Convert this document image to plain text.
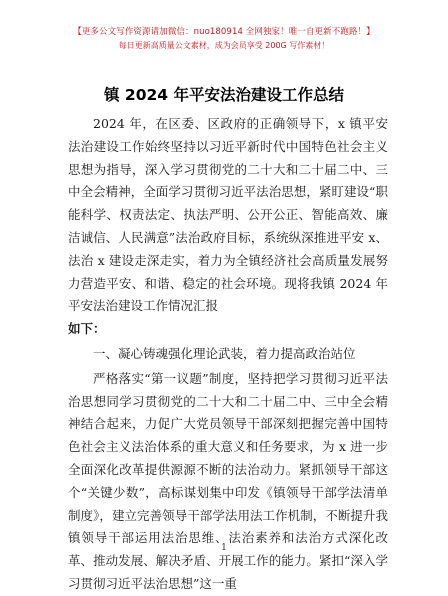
【更多公文写作资源请加微信：nuo180914 全网独家！唯一自更新不跑路！】
每日更新高质量公文素材，成为会员享受 200G 写作素材！
镇 2024 年平安法治建设工作总结

2024 年，在区委、区政府的正确领导下，x 镇平安法治建设工作始终坚持以习近平新时代中国特色社会主义思想为指导，深入学习贯彻党的二十大和二十届二中、三中全会精神，全面学习贯彻习近平法治思想，紧盯建设“职能科学、权责法定、执法严明、公开公正、智能高效、廉洁诚信、人民满意”法治政府目标，系统纵深推进平安 x、法治 x 建设走深走实，着力为全镇经济社会高质量发展努力营造平安、和谐、稳定的社会环境。现将我镇 2024 年平安法治建设工作情况汇报

如下：

一、凝心铸魂强化理论武装，着力提高政治站位

严格落实“第一议题”制度，坚持把学习贯彻习近平法治思想同学习贯彻党的二十大和二十届二中、三中全会精神结合起来，力促广大党员领导干部深刻把握完善中国特色社会主义法治体系的重大意义和任务要求，为 x 进一步全面深化改革提供源源不断的法治动力。紧抓领导干部这个“关键少数”，高标谋划集中印发《镇领导干部学法清单制度》，建立完善领导干部学法用法工作机制，不断提升我镇领导干部运用法治思维、法治素养和法治方式深化改革、推动发展、解决矛盾、开展工作的能力。紧扣“深入学习贯彻习近平法治思想”这一重

1
